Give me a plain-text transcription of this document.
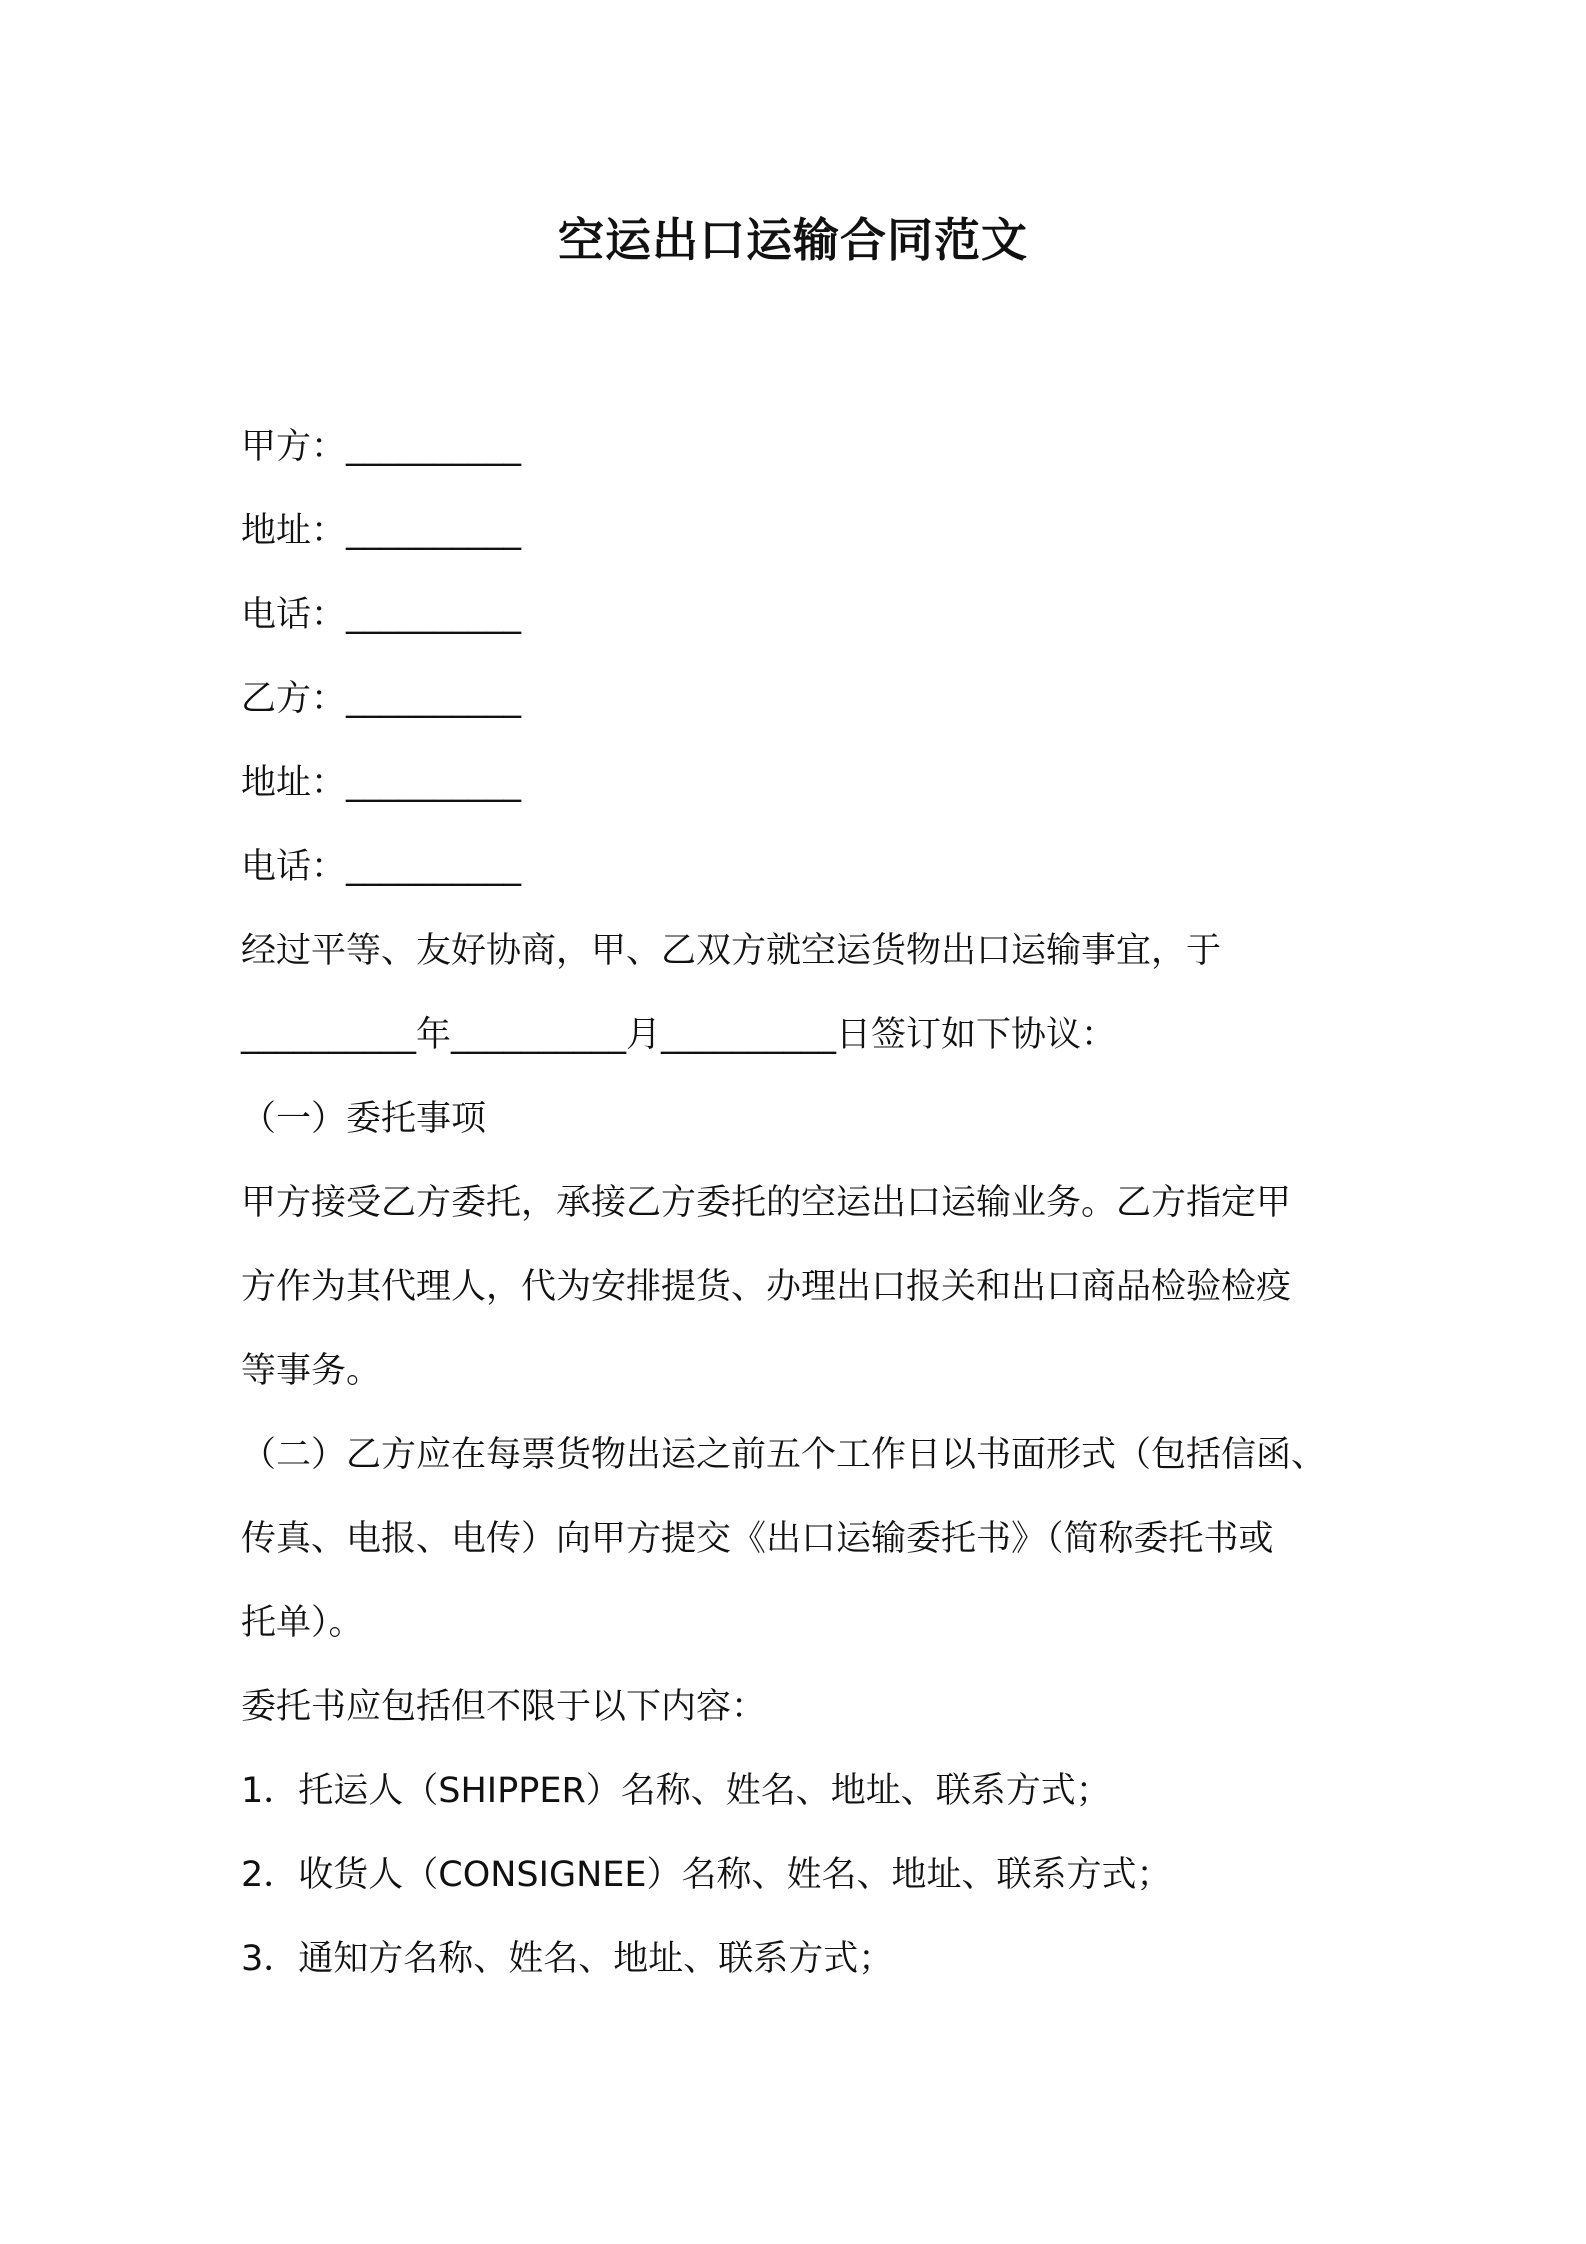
空运出口运输合同范文
甲方：__________
地址：__________
电话：__________
乙方：__________
地址：__________
电话：__________
经过平等、友好协商，甲、乙双方就空运货物出口运输事宜，于
__________年__________月__________日签订如下协议：
（一）委托事项
甲方接受乙方委托，承接乙方委托的空运出口运输业务。乙方指定甲
方作为其代理人，代为安排提货、办理出口报关和出口商品检验检疫
等事务。
（二）乙方应在每票货物出运之前五个工作日以书面形式（包括信函、
传真、电报、电传）向甲方提交《出口运输委托书》（简称委托书或
托单）。
委托书应包括但不限于以下内容：
1．托运人（SHIPPER）名称、姓名、地址、联系方式；
2．收货人（CONSIGNEE）名称、姓名、地址、联系方式；
3．通知方名称、姓名、地址、联系方式；
